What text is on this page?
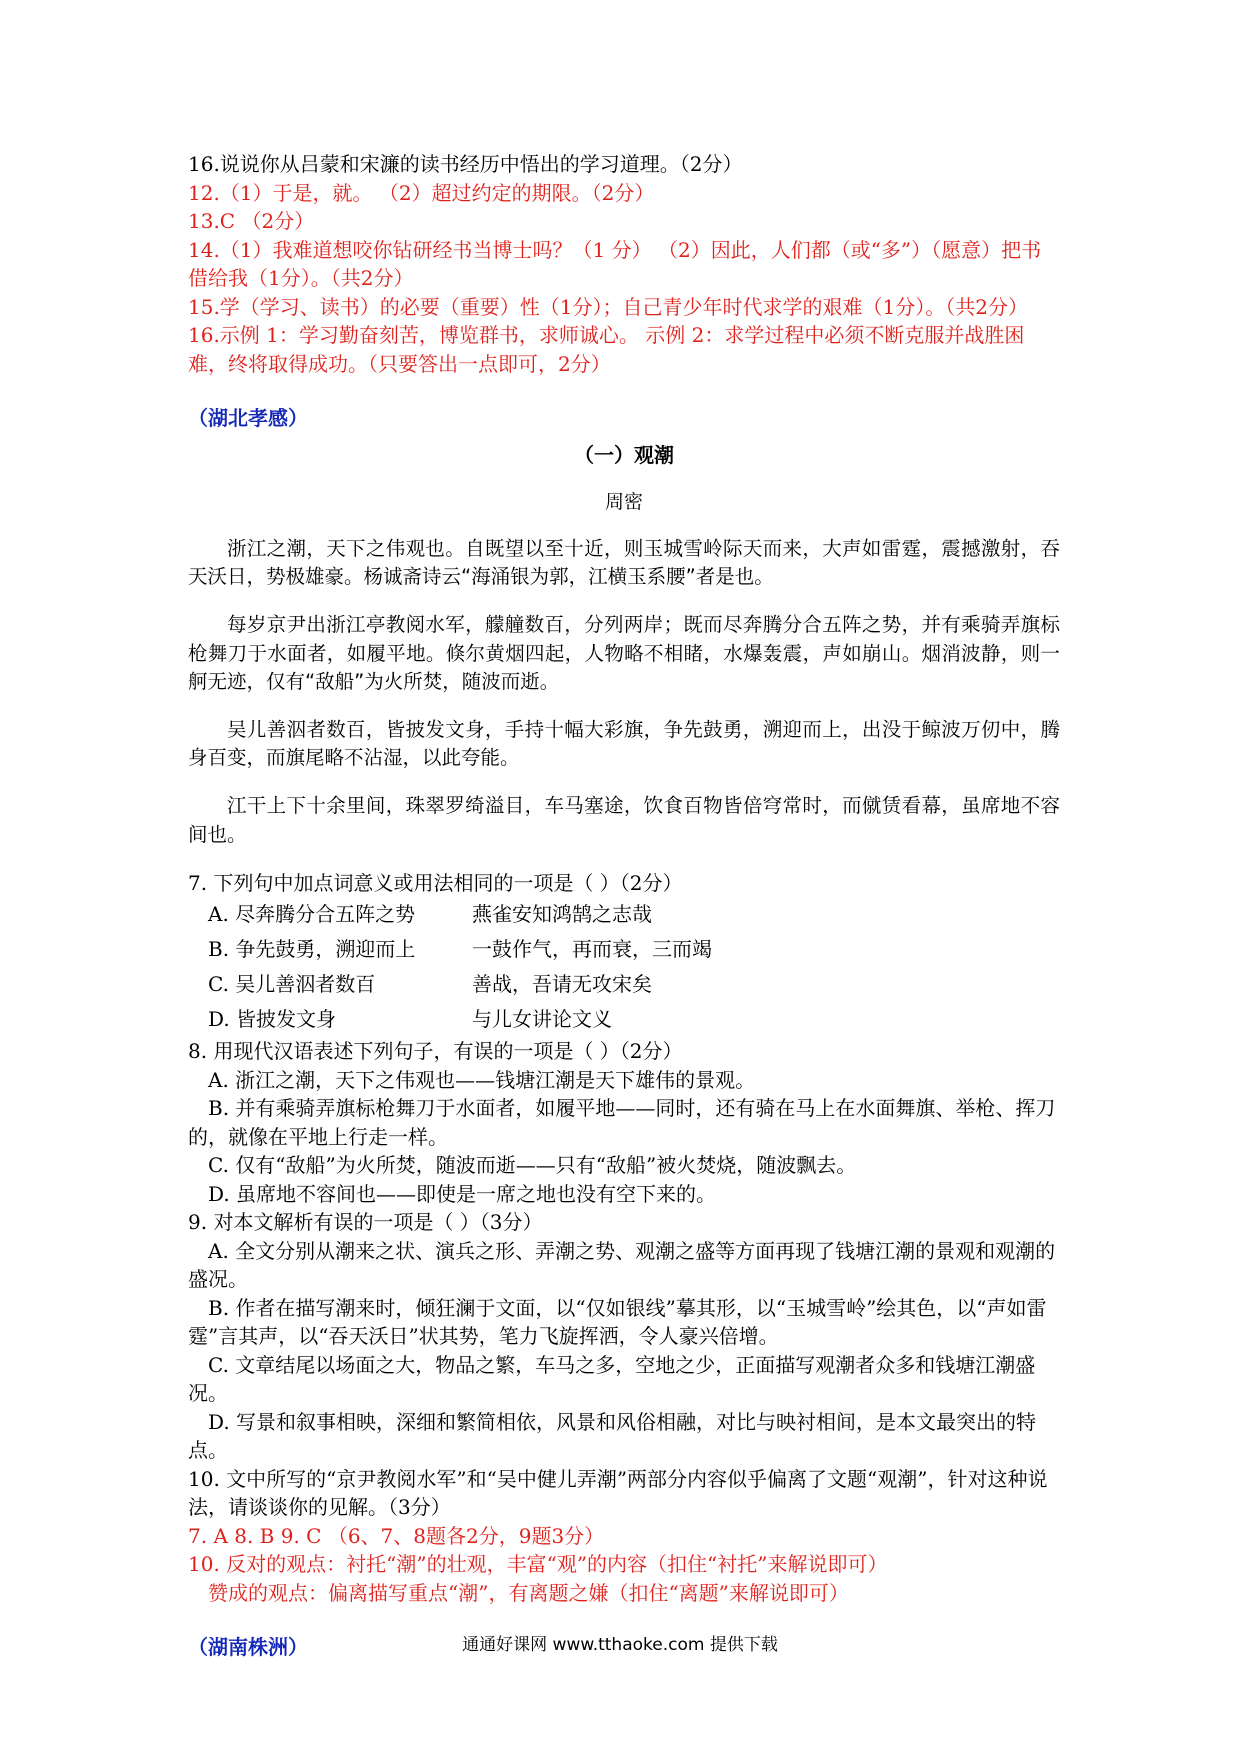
16.说说你从吕蒙和宋濂的读书经历中悟出的学习道理。（2分）

12.（1）于是，就。 （2）超过约定的期限。（2分）

13.C （2分）

14.（1）我难道想咬你钻研经书当博士吗？（1 分） （2）因此，人们都（或“多”）（愿意）把书借给我（1分）。（共2分）

15.学（学习、读书）的必要（重要）性（1分）；自己青少年时代求学的艰难（1分）。（共2分）

16.示例 1：学习勤奋刻苦，博览群书，求师诚心。 示例 2：求学过程中必须不断克服并战胜困难，终将取得成功。（只要答出一点即可，2分）

（湖北孝感）

（一）观潮

周密

浙江之潮，天下之伟观也。自既望以至十近，则玉城雪岭际天而来，大声如雷霆，震撼激射，吞天沃日，势极雄豪。杨诚斋诗云“海涌银为郭，江横玉系腰”者是也。

每岁京尹出浙江亭教阅水军，艨艟数百，分列两岸；既而尽奔腾分合五阵之势，并有乘骑弄旗标枪舞刀于水面者，如履平地。倏尔黄烟四起，人物略不相睹，水爆轰震，声如崩山。烟消波静，则一舸无迹，仅有“敌船”为火所焚，随波而逝。

吴儿善泅者数百，皆披发文身，手持十幅大彩旗，争先鼓勇，溯迎而上，出没于鲸波万仞中，腾身百变，而旗尾略不沾湿，以此夸能。

江干上下十余里间，珠翠罗绮溢目，车马塞途，饮食百物皆倍穹常时，而僦赁看幕，虽席地不容间也。

7. 下列句中加点词意义或用法相同的一项是（ ）（2分）

A. 尽奔腾分合五阵之势	燕雀安知鸿鹄之志哉
B. 争先鼓勇，溯迎而上	一鼓作气，再而衰，三而竭
C. 吴儿善泅者数百	善战，吾请无攻宋矣
D. 皆披发文身	与儿女讲论文义

8. 用现代汉语表述下列句子，有误的一项是（ ）（2分）

A. 浙江之潮，天下之伟观也——钱塘江潮是天下雄伟的景观。

B. 并有乘骑弄旗标枪舞刀于水面者，如履平地——同时，还有骑在马上在水面舞旗、举枪、挥刀的，就像在平地上行走一样。

C. 仅有“敌船”为火所焚，随波而逝——只有“敌船”被火焚烧，随波飘去。

D. 虽席地不容间也——即使是一席之地也没有空下来的。

9. 对本文解析有误的一项是（ ）（3分）

A. 全文分别从潮来之状、演兵之形、弄潮之势、观潮之盛等方面再现了钱塘江潮的景观和观潮的盛况。

B. 作者在描写潮来时，倾狂澜于文面，以“仅如银线”摹其形，以“玉城雪岭”绘其色，以“声如雷霆”言其声，以“吞天沃日”状其势，笔力飞旋挥洒，令人豪兴倍增。

C. 文章结尾以场面之大，物品之繁，车马之多，空地之少，正面描写观潮者众多和钱塘江潮盛况。

D. 写景和叙事相映，深细和繁简相依，风景和风俗相融，对比与映衬相间，是本文最突出的特点。

10. 文中所写的“京尹教阅水军”和“吴中健儿弄潮”两部分内容似乎偏离了文题“观潮”，针对这种说法，请谈谈你的见解。（3分）

7. A 8. B 9. C （6、7、8题各2分，9题3分）

10. 反对的观点：衬托“潮”的壮观，丰富“观”的内容（扣住“衬托”来解说即可）

赞成的观点：偏离描写重点“潮”，有离题之嫌（扣住“离题”来解说即可）

（湖南株洲）	通通好课网 www.tthaoke.com 提供下载
